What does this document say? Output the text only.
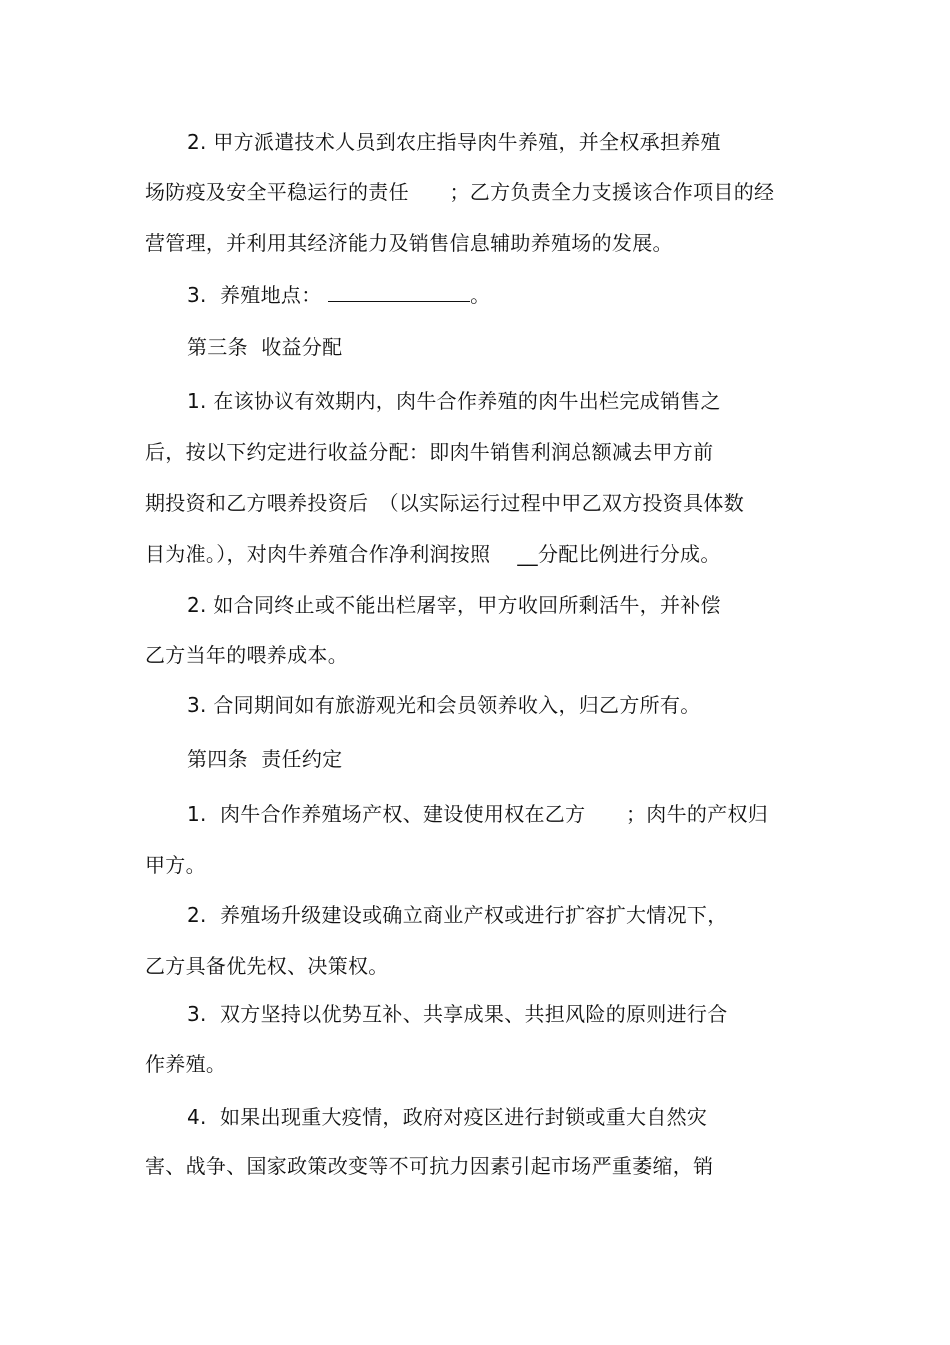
2. 甲方派遣技术人员到农庄指导肉牛养殖，并全权承担养殖
场防疫及安全平稳运行的责任　　；乙方负责全力支援该合作项目的经
营管理，并利用其经济能力及销售信息辅助养殖场的发展。
3.  养殖地点：	。
第三条  收益分配
1. 在该协议有效期内，肉牛合作养殖的肉牛出栏完成销售之
后，按以下约定进行收益分配：即肉牛销售利润总额减去甲方前
期投资和乙方喂养投资后　（以实际运行过程中甲乙双方投资具体数
目为准。），对肉牛养殖合作净利润按照　 __分配比例进行分成。
2. 如合同终止或不能出栏屠宰，甲方收回所剩活牛，并补偿
乙方当年的喂养成本。
3. 合同期间如有旅游观光和会员领养收入，归乙方所有。
第四条  责任约定
1.  肉牛合作养殖场产权、建设使用权在乙方　　；肉牛的产权归
甲方。
2.  养殖场升级建设或确立商业产权或进行扩容扩大情况下，
乙方具备优先权、决策权。
3.  双方坚持以优势互补、共享成果、共担风险的原则进行合
作养殖。
4.  如果出现重大疫情，政府对疫区进行封锁或重大自然灾
害、战争、国家政策改变等不可抗力因素引起市场严重萎缩，销
